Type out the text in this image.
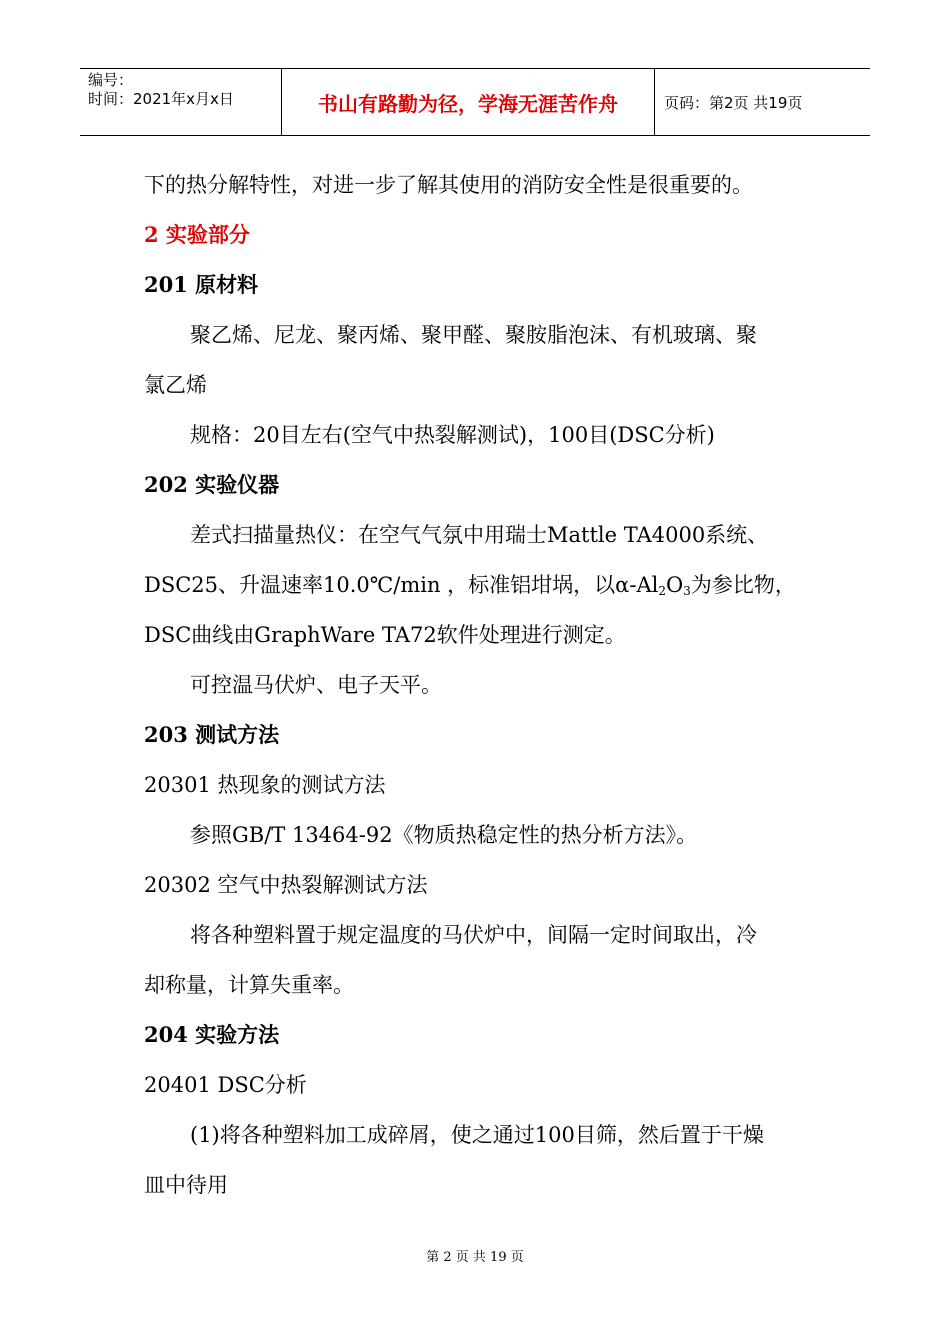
编号：
时间：2021年x月x日	书山有路勤为径，学海无涯苦作舟	页码：第2页 共19页
下的热分解特性，对进一步了解其使用的消防安全性是很重要的。
2 实验部分
201 原材料
聚乙烯、尼龙、聚丙烯、聚甲醛、聚胺脂泡沫、有机玻璃、聚
氯乙烯
规格：20目左右(空气中热裂解测试)，100目(DSC分析)
202 实验仪器
差式扫描量热仪：在空气气氛中用瑞士Mattle TA4000系统、
DSC25、升温速率10.0℃/min ，标准铝坩埚，以$\alpha-Al_2O_3$为参比物，
DSC曲线由GraphWare TA72软件处理进行测定。
可控温马伏炉、电子天平。
203 测试方法
20301 热现象的测试方法
参照GB/T 13464-92《物质热稳定性的热分析方法》。
20302 空气中热裂解测试方法
将各种塑料置于规定温度的马伏炉中，间隔一定时间取出，冷
却称量，计算失重率。
204 实验方法
20401 DSC分析
(1)将各种塑料加工成碎屑，使之通过100目筛，然后置于干燥
皿中待用
第 2 页 共 19 页
